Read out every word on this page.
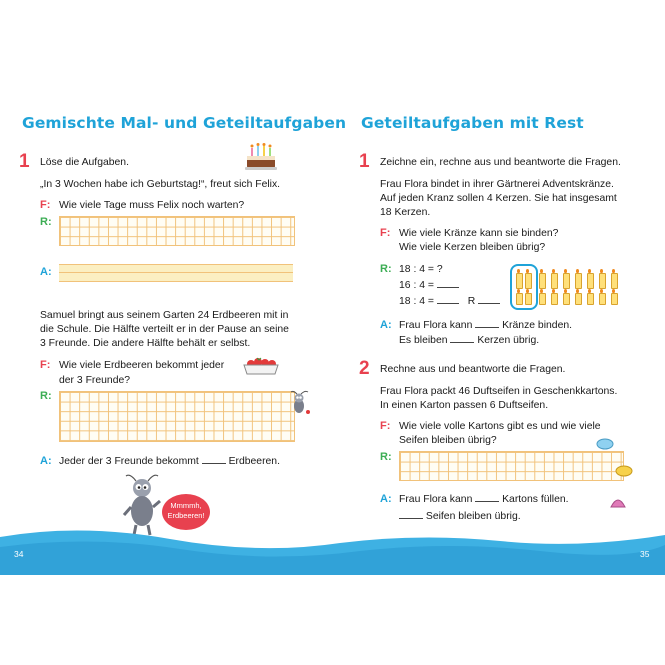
Gemischte Mal- und Geteiltaufgaben
1 Löse die Aufgaben.
„In 3 Wochen habe ich Geburtstag!“, freut sich Felix.
F: Wie viele Tage muss Felix noch warten?
R:
A:
Samuel bringt aus seinem Garten 24 Erdbeeren mit in
die Schule. Die Hälfte verteilt er in der Pause an seine
3 Freunde. Die andere Hälfte behält er selbst.
F: Wie viele Erdbeeren bekommt jeder
der 3 Freunde?
R:
A: Jeder der 3 Freunde bekommt	Erdbeeren.
Mmmmh,
Erdbeeren!
Geteiltaufgaben mit Rest
1 Zeichne ein, rechne aus und beantworte die Fragen.
Frau Flora bindet in ihrer Gärtnerei Adventskränze.
Auf jeden Kranz sollen 4 Kerzen. Sie hat insgesamt
18 Kerzen.
F: Wie viele Kränze kann sie binden?
Wie viele Kerzen bleiben übrig?
R: 18 : 4 = ?
16 : 4 =
18 : 4 =	R
A: Frau Flora kann	Kränze binden.
Es bleiben	Kerzen übrig.
2 Rechne aus und beantworte die Fragen.
Frau Flora packt 46 Duftseifen in Geschenkkartons.
In einen Karton passen 6 Duftseifen.
F: Wie viele volle Kartons gibt es und wie viele
Seifen bleiben übrig?
R:
A: Frau Flora kann	Kartons füllen.
Seifen bleiben übrig.
34	35
